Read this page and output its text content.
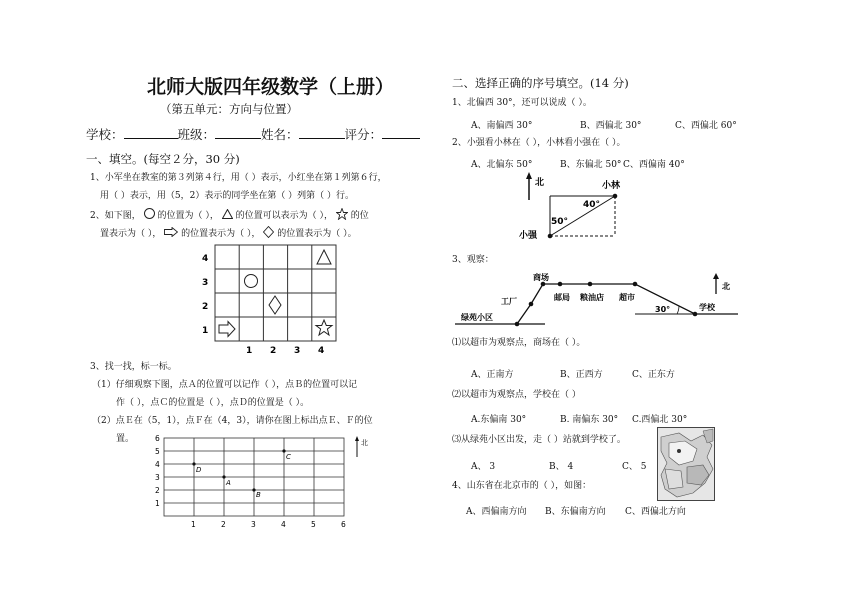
北师大版四年级数学（上册）
（第五单元：方向与位置）
学校：	班级：	姓名：	评分：
一、填空。(每空２分，30 分)
1、小军坐在教室的第３列第４行，用（ ）表示，小红坐在第１列第６行，
用（ ）表示，用（5，2）表示的同学坐在第（ ）列第（ ）行。
2、如下图， 的位置为（ ）， 的位置可以表示为（ ）， 的位
置表示为（ ）， 的位置表示为（ ）， 的位置表示为（ ）。
4
3
2
1
1 2 3 4
3、找一找，标一标。
（1）仔细观察下图，点Ａ的位置可以记作（ ），点Ｂ的位置可以记
作（ ），点Ｃ的位置是（ ），点Ｄ的位置是（ ）。
（2）点Ｅ在（5，1），点Ｆ在（4，3），请你在图上标出点Ｅ、Ｆ的位
置。	6
5
4
3
2
1
1	2	3	4	5	6
D
A
B
C
北
二、选择正确的序号填空。(14 分)
1、北偏西 30°，还可以说成（ ）。
A、南偏西 30°	B、西偏北 30°	C、西偏北 60°
2、小强看小林在（ ），小林看小强在（ ）。
A、北偏东 50°	B、东偏北 50° C、西偏南 40°
北	小林
小强
40°
50°
3、观察：
商场
工厂	邮局 粮油店 超市
学校
绿苑小区
30°
北
⑴以超市为观察点，商场在（ ）。
A、正南方	B、正西方	C、正东方
⑵以超市为观察点，学校在（ ）
A.东偏南 30°	B. 南偏东 30° C.西偏北 30°
⑶从绿苑小区出发，走（ ）站就到学校了。
A、 3	B、 4	C、 5
4、山东省在北京市的（ ），如图：
A、西偏南方向 B、东偏南方向 C、西偏北方向
